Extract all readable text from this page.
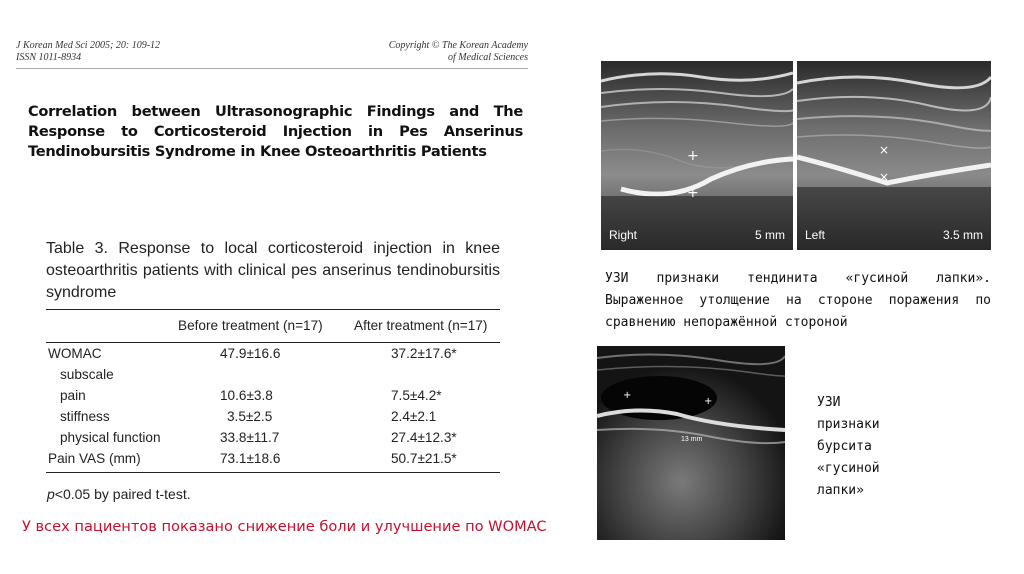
J Korean Med Sci 2005; 20: 109-12
ISSN 1011-8934
Copyright © The Korean Academy
of Medical Sciences
Correlation between Ultrasonographic Findings and The Response to Corticosteroid Injection in Pes Anserinus Tendinobursitis Syndrome in Knee Osteoarthritis Patients
Table 3. Response to local corticosteroid injection in knee osteoarthritis patients with clinical pes anserinus tendinobursitis syndrome
Before treatment (n=17) After treatment (n=17)
WOMAC	47.9±16.6	37.2±17.6*
subscale
pain	10.6±3.8	7.5±4.2*
stiffness	3.5±2.5	2.4±2.1
physical function	33.8±11.7	27.4±12.3*
Pain VAS (mm)	73.1±18.6	50.7±21.5*
p<0.05 by paired t-test.
У всех пациентов показано снижение боли и улучшение по WOMAC
+
+
Right	5 mm
×
×
Left	3.5 mm
УЗИ признаки тендинита «гусиной лапки». Выраженное утолщение на стороне поражения по сравнению непоражённой стороной
+
+
13 mm
УЗИ
признаки
бурсита
«гусиной
лапки»
